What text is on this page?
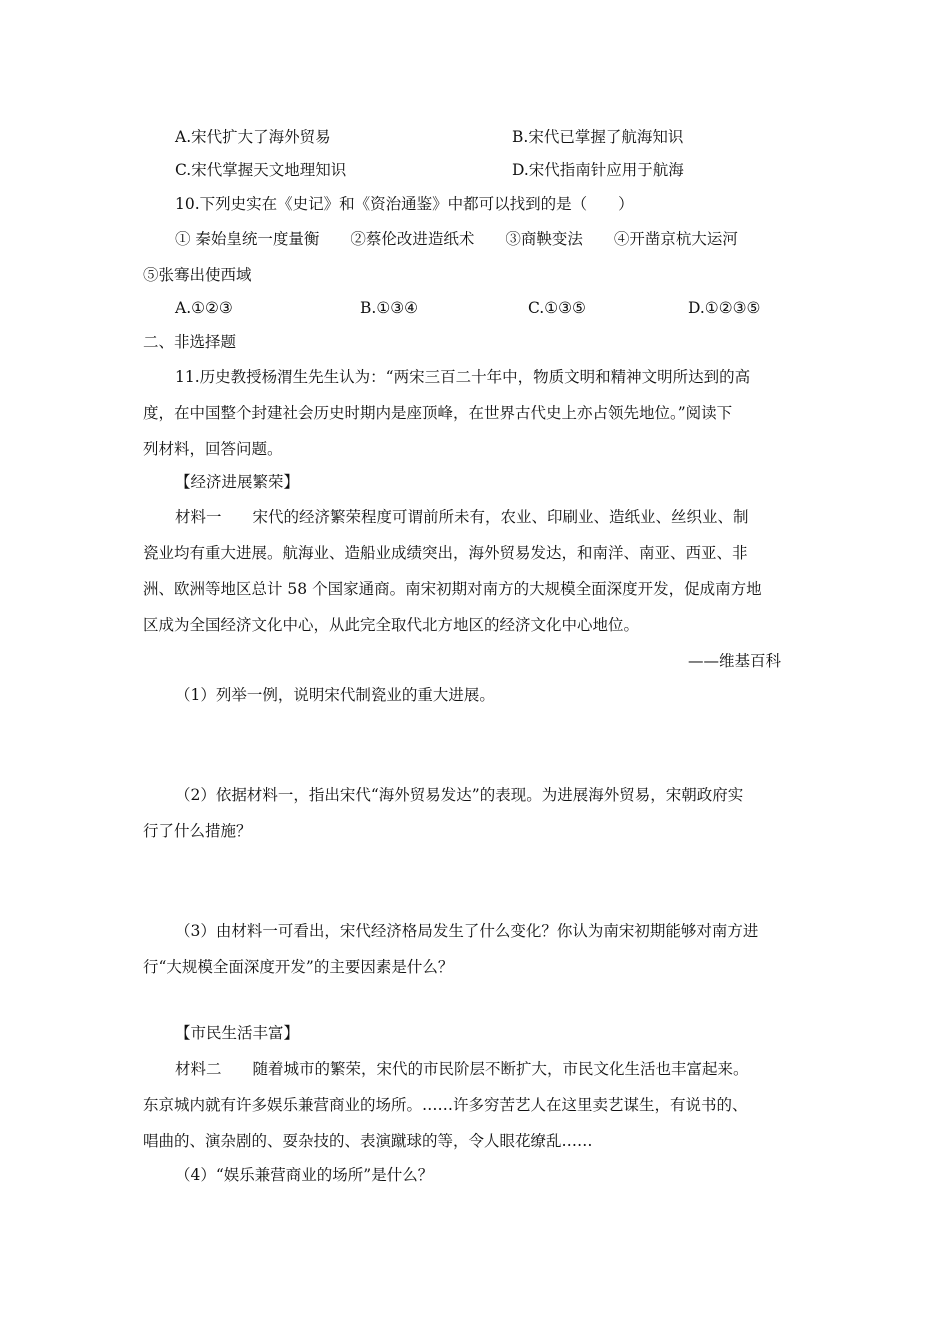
A.宋代扩大了海外贸易	B.宋代已掌握了航海知识
C.宋代掌握天文地理知识	D.宋代指南针应用于航海
10.下列史实在《史记》和《资治通鉴》中都可以找到的是（　　）
① 秦始皇统一度量衡　　②蔡伦改进造纸术　　③商鞅变法　　④开凿京杭大运河
⑤张骞出使西域
A.①②③	B.①③④	C.①③⑤	D.①②③⑤
二、非选择题
11.历史教授杨渭生先生认为：“两宋三百二十年中，物质文明和精神文明所达到的高
度，在中国整个封建社会历史时期内是座顶峰，在世界古代史上亦占领先地位。”阅读下
列材料，回答问题。
【经济进展繁荣】
材料一　　宋代的经济繁荣程度可谓前所未有，农业、印刷业、造纸业、丝织业、制
瓷业均有重大进展。航海业、造船业成绩突出，海外贸易发达，和南洋、南亚、西亚、非
洲、欧洲等地区总计 58 个国家通商。南宋初期对南方的大规模全面深度开发，促成南方地
区成为全国经济文化中心，从此完全取代北方地区的经济文化中心地位。
——维基百科
（1）列举一例，说明宋代制瓷业的重大进展。
（2）依据材料一，指出宋代“海外贸易发达”的表现。为进展海外贸易，宋朝政府实
行了什么措施？
（3）由材料一可看出，宋代经济格局发生了什么变化？你认为南宋初期能够对南方进
行“大规模全面深度开发”的主要因素是什么？
【市民生活丰富】
材料二　　随着城市的繁荣，宋代的市民阶层不断扩大，市民文化生活也丰富起来。
东京城内就有许多娱乐兼营商业的场所。……许多穷苦艺人在这里卖艺谋生，有说书的、
唱曲的、演杂剧的、耍杂技的、表演蹴球的等，令人眼花缭乱……
（4）“娱乐兼营商业的场所”是什么？
